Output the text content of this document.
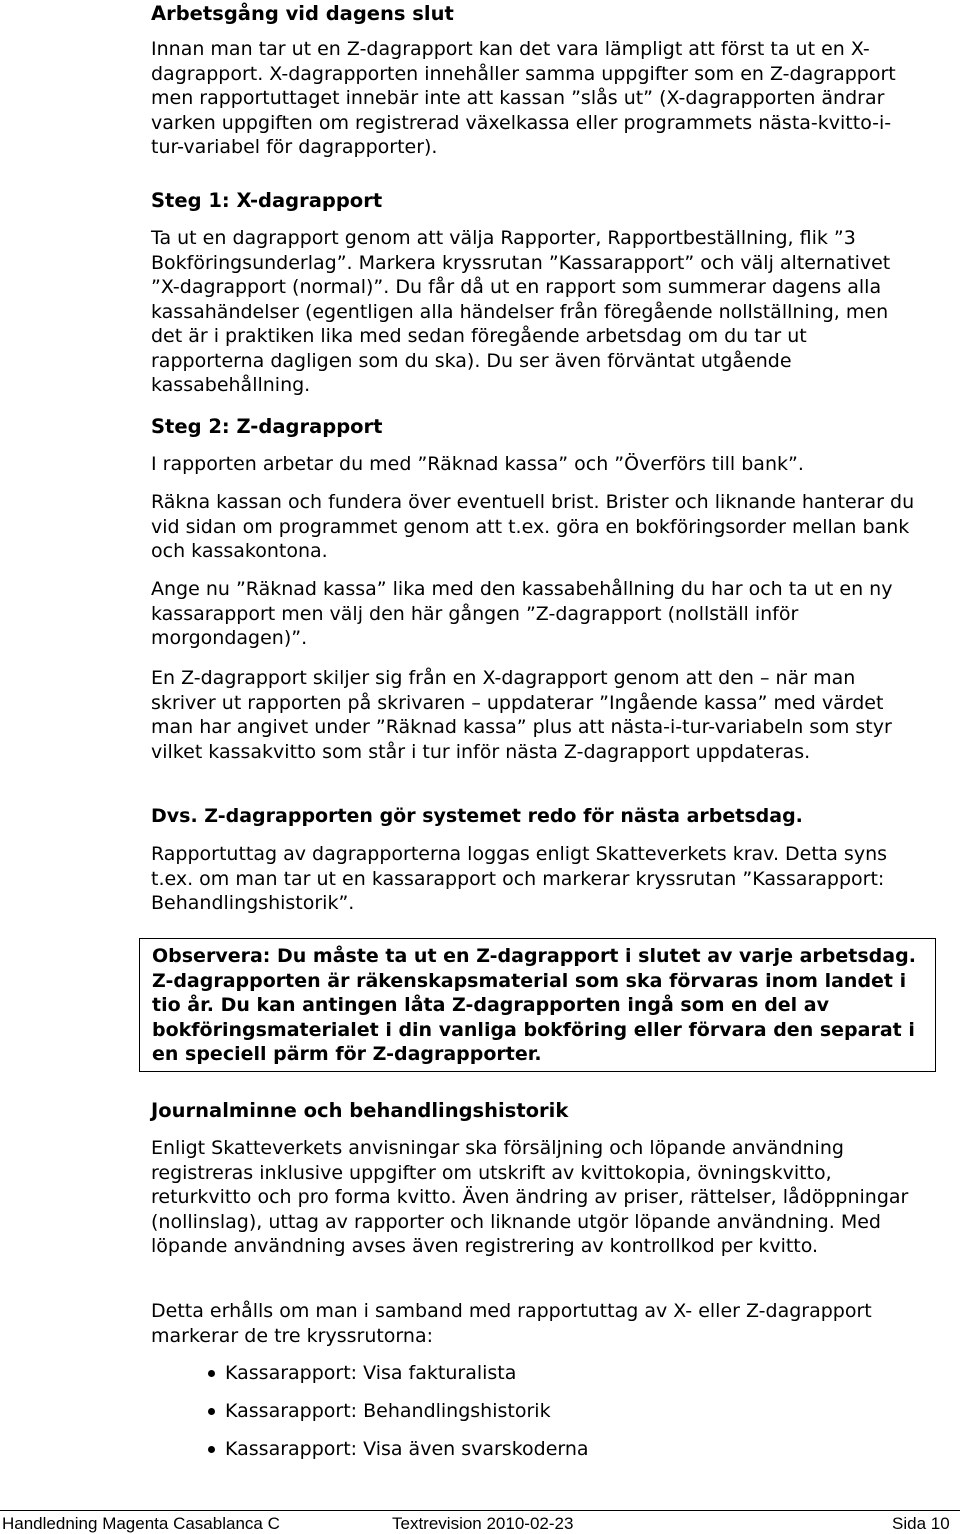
Arbetsgång vid dagens slut

Innan man tar ut en Z-dagrapport kan det vara lämpligt att först ta ut en X-dagrapport. X-dagrapporten innehåller samma uppgifter som en Z-dagrapport men rapportuttaget innebär inte att kassan ”slås ut” (X-dagrapporten ändrar varken uppgiften om registrerad växelkassa eller programmets nästa-kvitto-i-tur-variabel för dagrapporter).

Steg 1: X-dagrapport

Ta ut en dagrapport genom att välja Rapporter, Rapportbeställning, flik ”3 Bokföringsunderlag”. Markera kryssrutan ”Kassarapport” och välj alternativet ”X-dagrapport (normal)”. Du får då ut en rapport som summerar dagens alla kassahändelser (egentligen alla händelser från föregående nollställning, men det är i praktiken lika med sedan föregående arbetsdag om du tar ut rapporterna dagligen som du ska). Du ser även förväntat utgående kassabehållning.

Steg 2: Z-dagrapport

I rapporten arbetar du med ”Räknad kassa” och ”Överförs till bank”.

Räkna kassan och fundera över eventuell brist. Brister och liknande hanterar du vid sidan om programmet genom att t.ex. göra en bokföringsorder mellan bank och kassakontona.

Ange nu ”Räknad kassa” lika med den kassabehållning du har och ta ut en ny kassarapport men välj den här gången ”Z-dagrapport (nollställ inför morgondagen)”.

En Z-dagrapport skiljer sig från en X-dagrapport genom att den – när man skriver ut rapporten på skrivaren – uppdaterar ”Ingående kassa” med värdet man har angivet under ”Räknad kassa” plus att nästa-i-tur-variabeln som styr vilket kassakvitto som står i tur inför nästa Z-dagrapport uppdateras.

Dvs. Z-dagrapporten gör systemet redo för nästa arbetsdag.

Rapportuttag av dagrapporterna loggas enligt Skatteverkets krav. Detta syns t.ex. om man tar ut en kassarapport och markerar kryssrutan ”Kassarapport: Behandlingshistorik”.

Journalminne och behandlingshistorik

Enligt Skatteverkets anvisningar ska försäljning och löpande användning registreras inklusive uppgifter om utskrift av kvittokopia, övningskvitto, returkvitto och pro forma kvitto. Även ändring av priser, rättelser, lådöppningar (nollinslag), uttag av rapporter och liknande utgör löpande användning. Med löpande användning avses även registrering av kontrollkod per kvitto.

Detta erhålls om man i samband med rapportuttag av X- eller Z-dagrapport markerar de tre kryssrutorna:

Kassarapport: Visa fakturalista
Kassarapport: Behandlingshistorik
Kassarapport: Visa även svarskoderna

Observera: Du måste ta ut en Z-dagrapport i slutet av varje arbetsdag. Z-dagrapporten är räkenskapsmaterial som ska förvaras inom landet i tio år. Du kan antingen låta Z-dagrapporten ingå som en del av bokföringsmaterialet i din vanliga bokföring eller förvara den separat i en speciell pärm för Z-dagrapporter.

Handledning Magenta Casablanca C	Textrevision 2010-02-23	Sida 10
